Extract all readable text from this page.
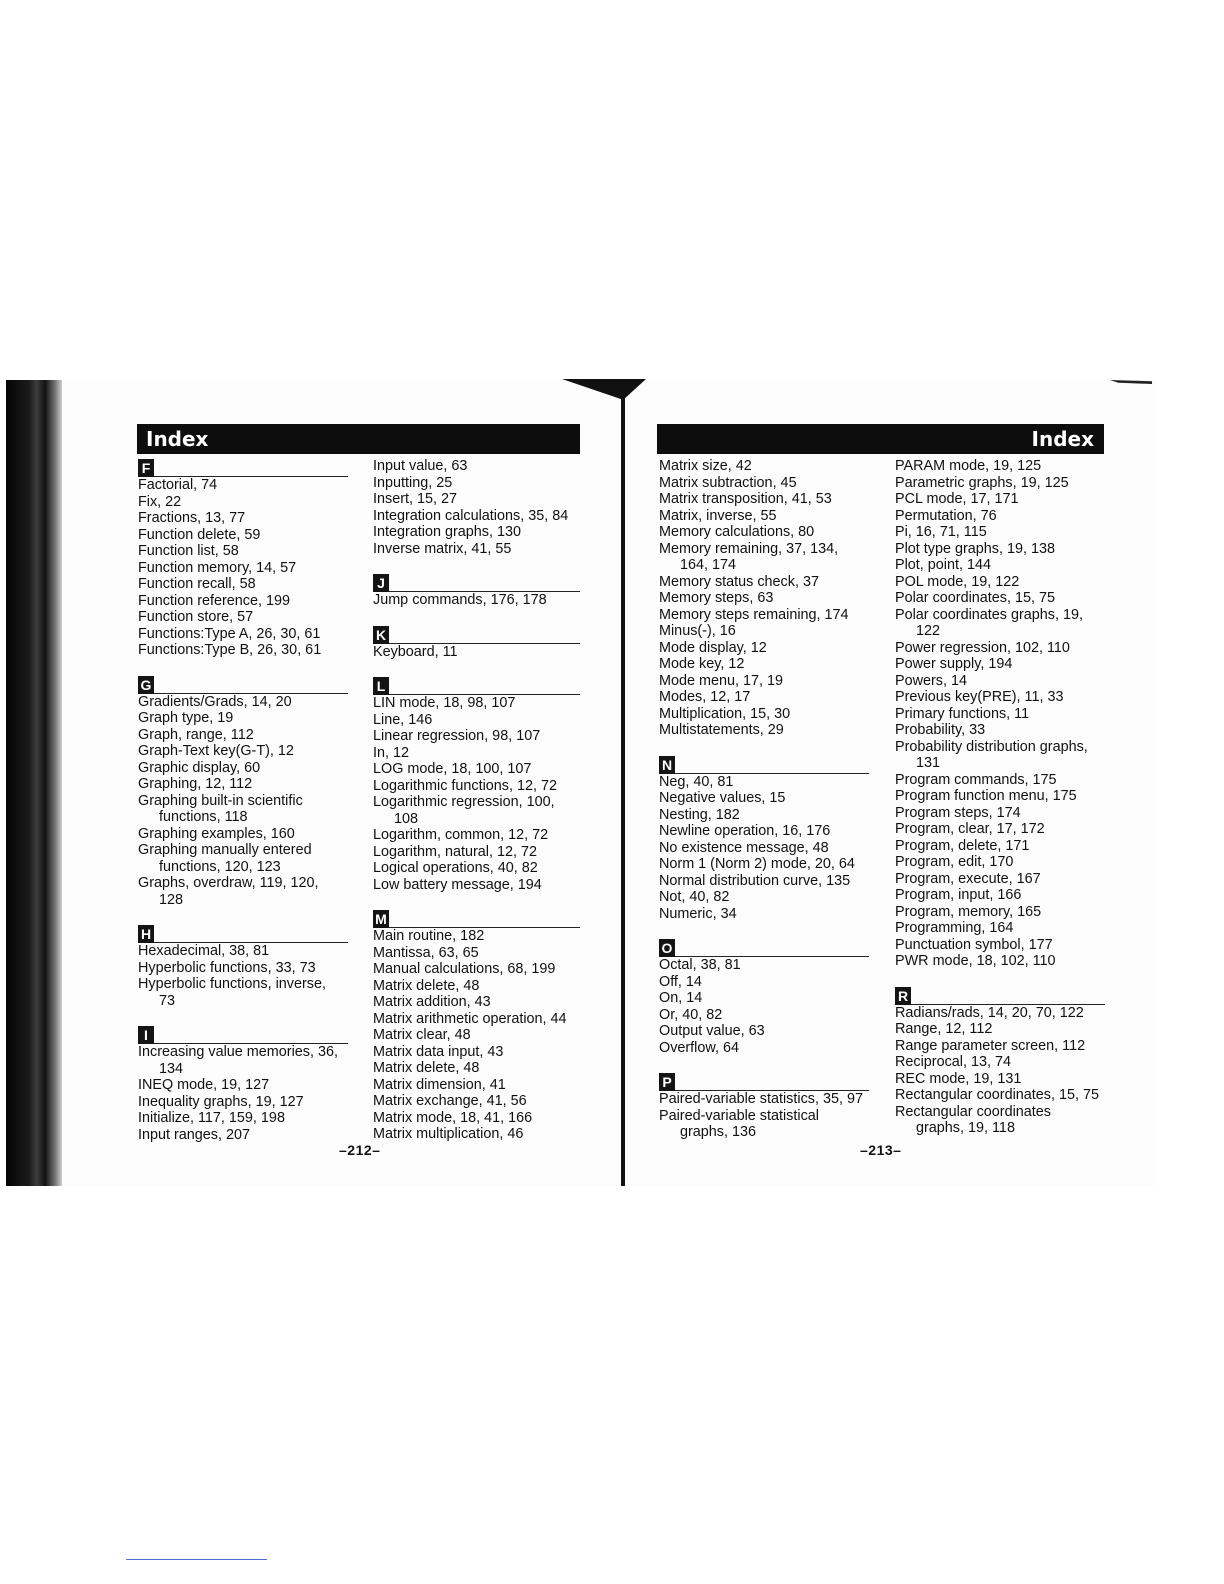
Index	Index
F
Factorial, 74
Fix, 22
Fractions, 13, 77
Function delete, 59
Function list, 58
Function memory, 14, 57
Function recall, 58
Function reference, 199
Function store, 57
Functions:Type A, 26, 30, 61
Functions:Type B, 26, 30, 61
G
Gradients/Grads, 14, 20
Graph type, 19
Graph, range, 112
Graph-Text key(G-T), 12
Graphic display, 60
Graphing, 12, 112
Graphing built-in scientific
functions, 118
Graphing examples, 160
Graphing manually entered
functions, 120, 123
Graphs, overdraw, 119, 120,
128
H
Hexadecimal, 38, 81
Hyperbolic functions, 33, 73
Hyperbolic functions, inverse,
73
I
Increasing value memories, 36,
134
INEQ mode, 19, 127
Inequality graphs, 19, 127
Initialize, 117, 159, 198
Input ranges, 207
Input value, 63
Inputting, 25
Insert, 15, 27
Integration calculations, 35, 84
Integration graphs, 130
Inverse matrix, 41, 55
J
Jump commands, 176, 178
K
Keyboard, 11
L
LIN mode, 18, 98, 107
Line, 146
Linear regression, 98, 107
In, 12
LOG mode, 18, 100, 107
Logarithmic functions, 12, 72
Logarithmic regression, 100,
108
Logarithm, common, 12, 72
Logarithm, natural, 12, 72
Logical operations, 40, 82
Low battery message, 194
M
Main routine, 182
Mantissa, 63, 65
Manual calculations, 68, 199
Matrix delete, 48
Matrix addition, 43
Matrix arithmetic operation, 44
Matrix clear, 48
Matrix data input, 43
Matrix delete, 48
Matrix dimension, 41
Matrix exchange, 41, 56
Matrix mode, 18, 41, 166
Matrix multiplication, 46
Matrix size, 42
Matrix subtraction, 45
Matrix transposition, 41, 53
Matrix, inverse, 55
Memory calculations, 80
Memory remaining, 37, 134,
164, 174
Memory status check, 37
Memory steps, 63
Memory steps remaining, 174
Minus(-), 16
Mode display, 12
Mode key, 12
Mode menu, 17, 19
Modes, 12, 17
Multiplication, 15, 30
Multistatements, 29
N
Neg, 40, 81
Negative values, 15
Nesting, 182
Newline operation, 16, 176
No existence message, 48
Norm 1 (Norm 2) mode, 20, 64
Normal distribution curve, 135
Not, 40, 82
Numeric, 34
O
Octal, 38, 81
Off, 14
On, 14
Or, 40, 82
Output value, 63
Overflow, 64
P
Paired-variable statistics, 35, 97
Paired-variable statistical
graphs, 136
PARAM mode, 19, 125
Parametric graphs, 19, 125
PCL mode, 17, 171
Permutation, 76
Pi, 16, 71, 115
Plot type graphs, 19, 138
Plot, point, 144
POL mode, 19, 122
Polar coordinates, 15, 75
Polar coordinates graphs, 19,
122
Power regression, 102, 110
Power supply, 194
Powers, 14
Previous key(PRE), 11, 33
Primary functions, 11
Probability, 33
Probability distribution graphs,
131
Program commands, 175
Program function menu, 175
Program steps, 174
Program, clear, 17, 172
Program, delete, 171
Program, edit, 170
Program, execute, 167
Program, input, 166
Program, memory, 165
Programming, 164
Punctuation symbol, 177
PWR mode, 18, 102, 110
R
Radians/rads, 14, 20, 70, 122
Range, 12, 112
Range parameter screen, 112
Reciprocal, 13, 74
REC mode, 19, 131
Rectangular coordinates, 15, 75
Rectangular coordinates
graphs, 19, 118
–212–	–213–
